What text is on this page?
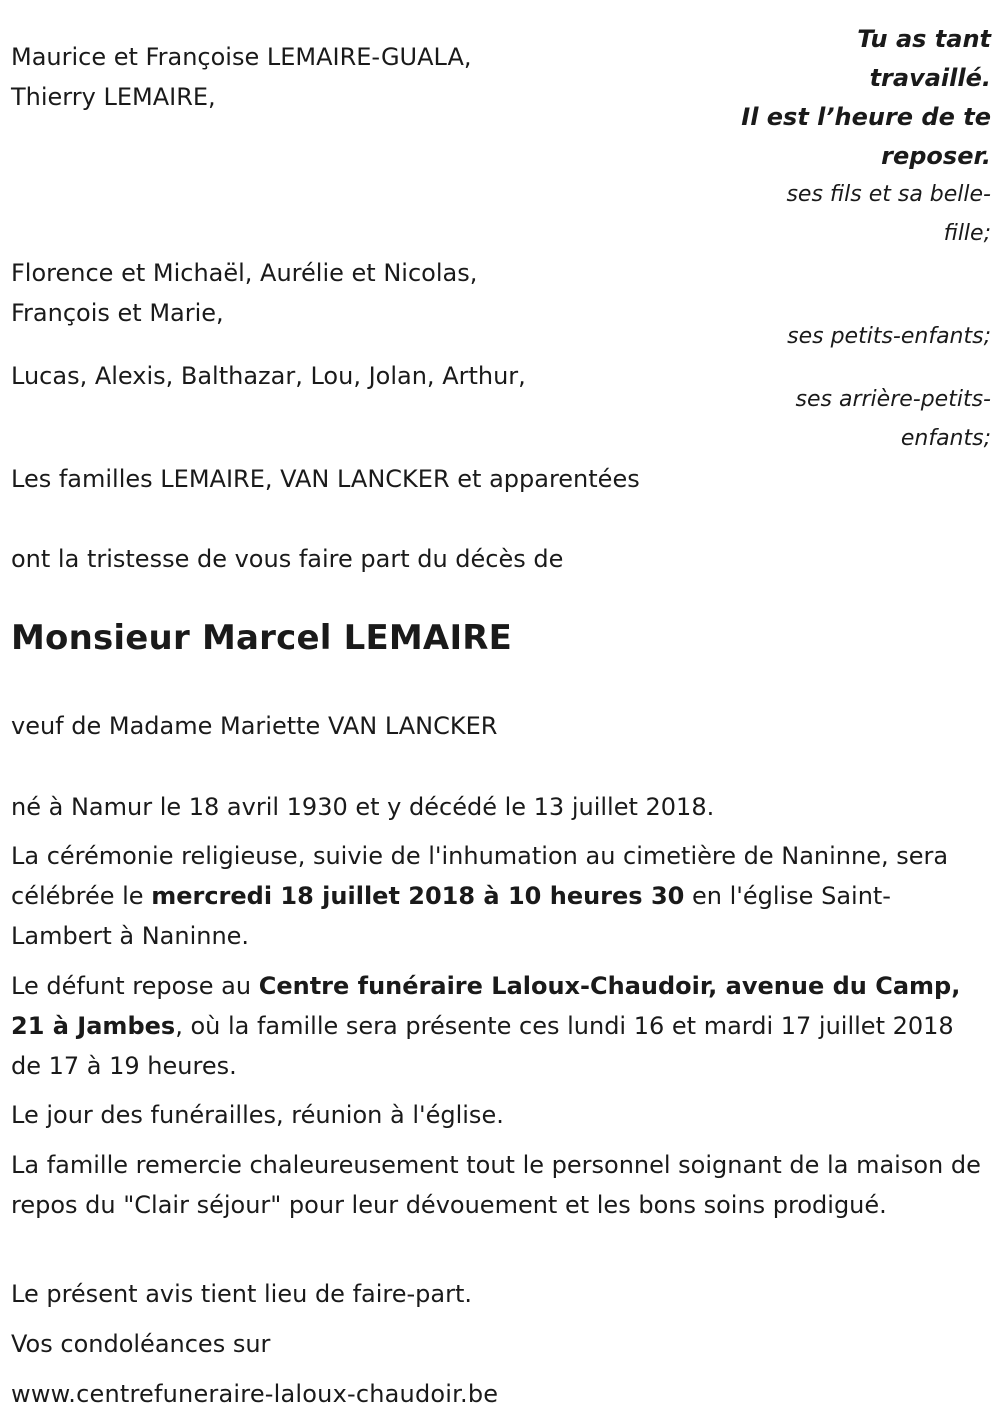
Maurice et Françoise LEMAIRE-GUALA,
Thierry LEMAIRE,
Florence et Michaël, Aurélie et Nicolas,
François et Marie,
Lucas, Alexis, Balthazar, Lou, Jolan, Arthur,
Les familles LEMAIRE, VAN LANCKER et apparentées
Tu as tant
travaillé.
Il est l’heure de te
reposer.
ses fils et sa belle-
fille;
ses petits-enfants;
ses arrière-petits-
enfants;
ont la tristesse de vous faire part du décès de
Monsieur Marcel LEMAIRE
veuf de Madame Mariette VAN LANCKER
né à Namur le 18 avril 1930 et y décédé le 13 juillet 2018.
La cérémonie religieuse, suivie de l'inhumation au cimetière de Naninne, sera célébrée le mercredi 18 juillet 2018 à 10 heures 30 en l'église Saint-Lambert à Naninne.
Le défunt repose au Centre funéraire Laloux-Chaudoir, avenue du Camp, 21 à Jambes, où la famille sera présente ces lundi 16 et mardi 17 juillet 2018 de 17 à 19 heures.
Le jour des funérailles, réunion à l'église.
La famille remercie chaleureusement tout le personnel soignant de la maison de repos du "Clair séjour" pour leur dévouement et les bons soins prodigué.
Le présent avis tient lieu de faire-part.
Vos condoléances sur
www.centrefuneraire-laloux-chaudoir.be
